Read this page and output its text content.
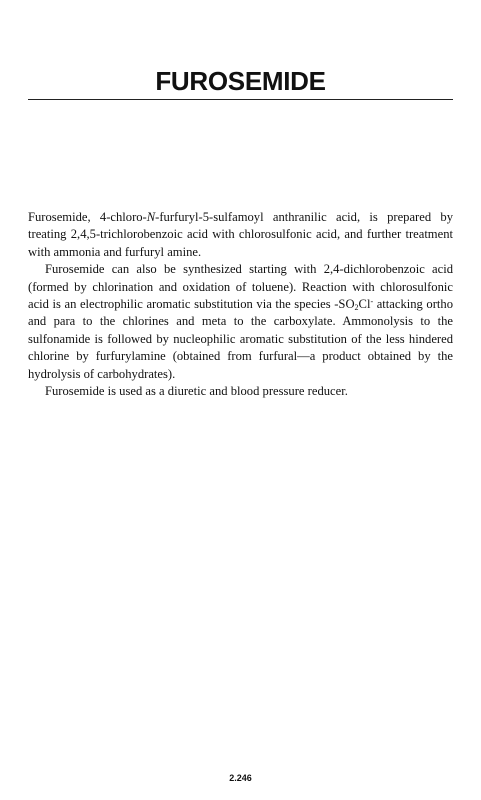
FUROSEMIDE

Furosemide, 4-chloro-N-furfuryl-5-sulfamoyl anthranilic acid, is prepared by treating 2,4,5-trichlorobenzoic acid with chlorosulfonic acid, and further treatment with ammonia and furfuryl amine.

Furosemide can also be synthesized starting with 2,4-dichlorobenzoic acid (formed by chlorination and oxidation of toluene). Reaction with chlorosulfonic acid is an electrophilic aromatic substitution via the species $-SO_2Cl^-$ attacking ortho and para to the chlorines and meta to the carboxylate. Ammonolysis to the sulfonamide is followed by nucleophilic aromatic substitution of the less hindered chlorine by furfurylamine (obtained from furfural—a product obtained by the hydrolysis of carbohydrates).

Furosemide is used as a diuretic and blood pressure reducer.

2.246
